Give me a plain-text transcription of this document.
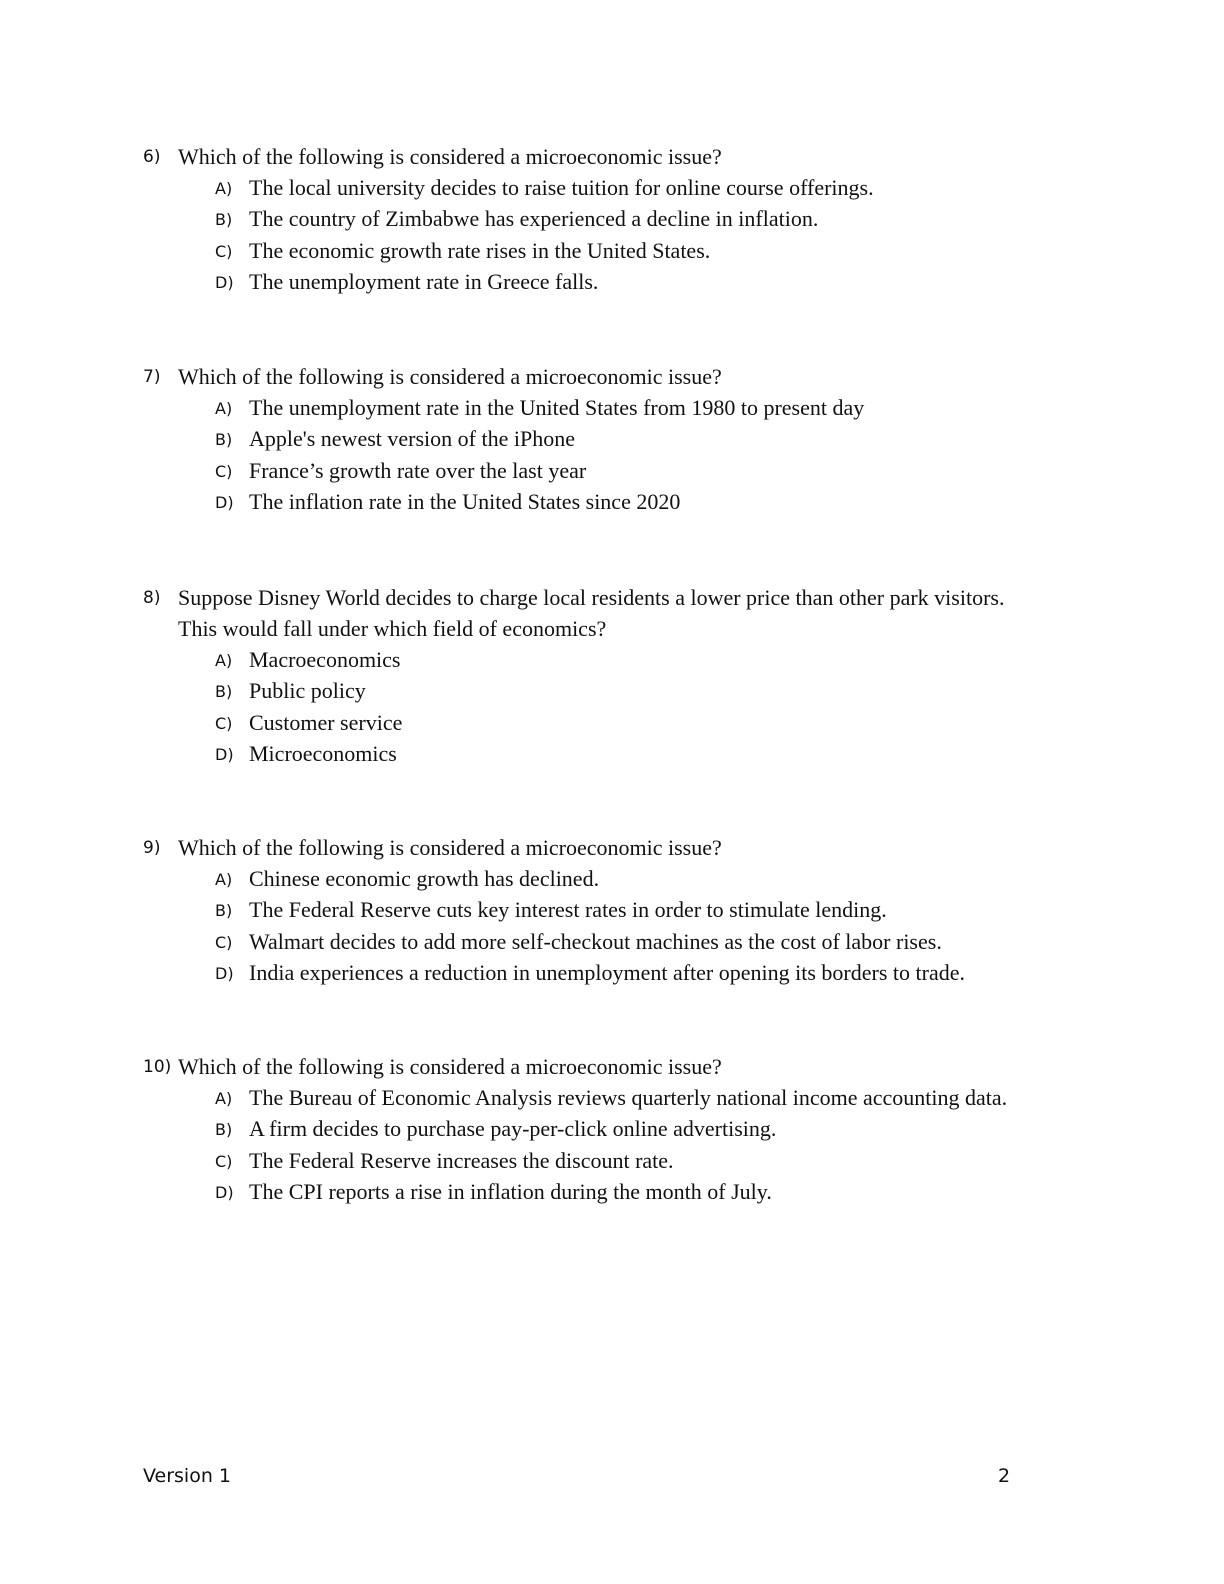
6) Which of the following is considered a microeconomic issue?
A) The local university decides to raise tuition for online course offerings.
B) The country of Zimbabwe has experienced a decline in inflation.
C) The economic growth rate rises in the United States.
D) The unemployment rate in Greece falls.
7) Which of the following is considered a microeconomic issue?
A) The unemployment rate in the United States from 1980 to present day
B) Apple's newest version of the iPhone
C) France’s growth rate over the last year
D) The inflation rate in the United States since 2020
8) Suppose Disney World decides to charge local residents a lower price than other park visitors. This would fall under which field of economics?
A) Macroeconomics
B) Public policy
C) Customer service
D) Microeconomics
9) Which of the following is considered a microeconomic issue?
A) Chinese economic growth has declined.
B) The Federal Reserve cuts key interest rates in order to stimulate lending.
C) Walmart decides to add more self-checkout machines as the cost of labor rises.
D) India experiences a reduction in unemployment after opening its borders to trade.
10) Which of the following is considered a microeconomic issue?
A) The Bureau of Economic Analysis reviews quarterly national income accounting data.
B) A firm decides to purchase pay-per-click online advertising.
C) The Federal Reserve increases the discount rate.
D) The CPI reports a rise in inflation during the month of July.
Version 1	2
